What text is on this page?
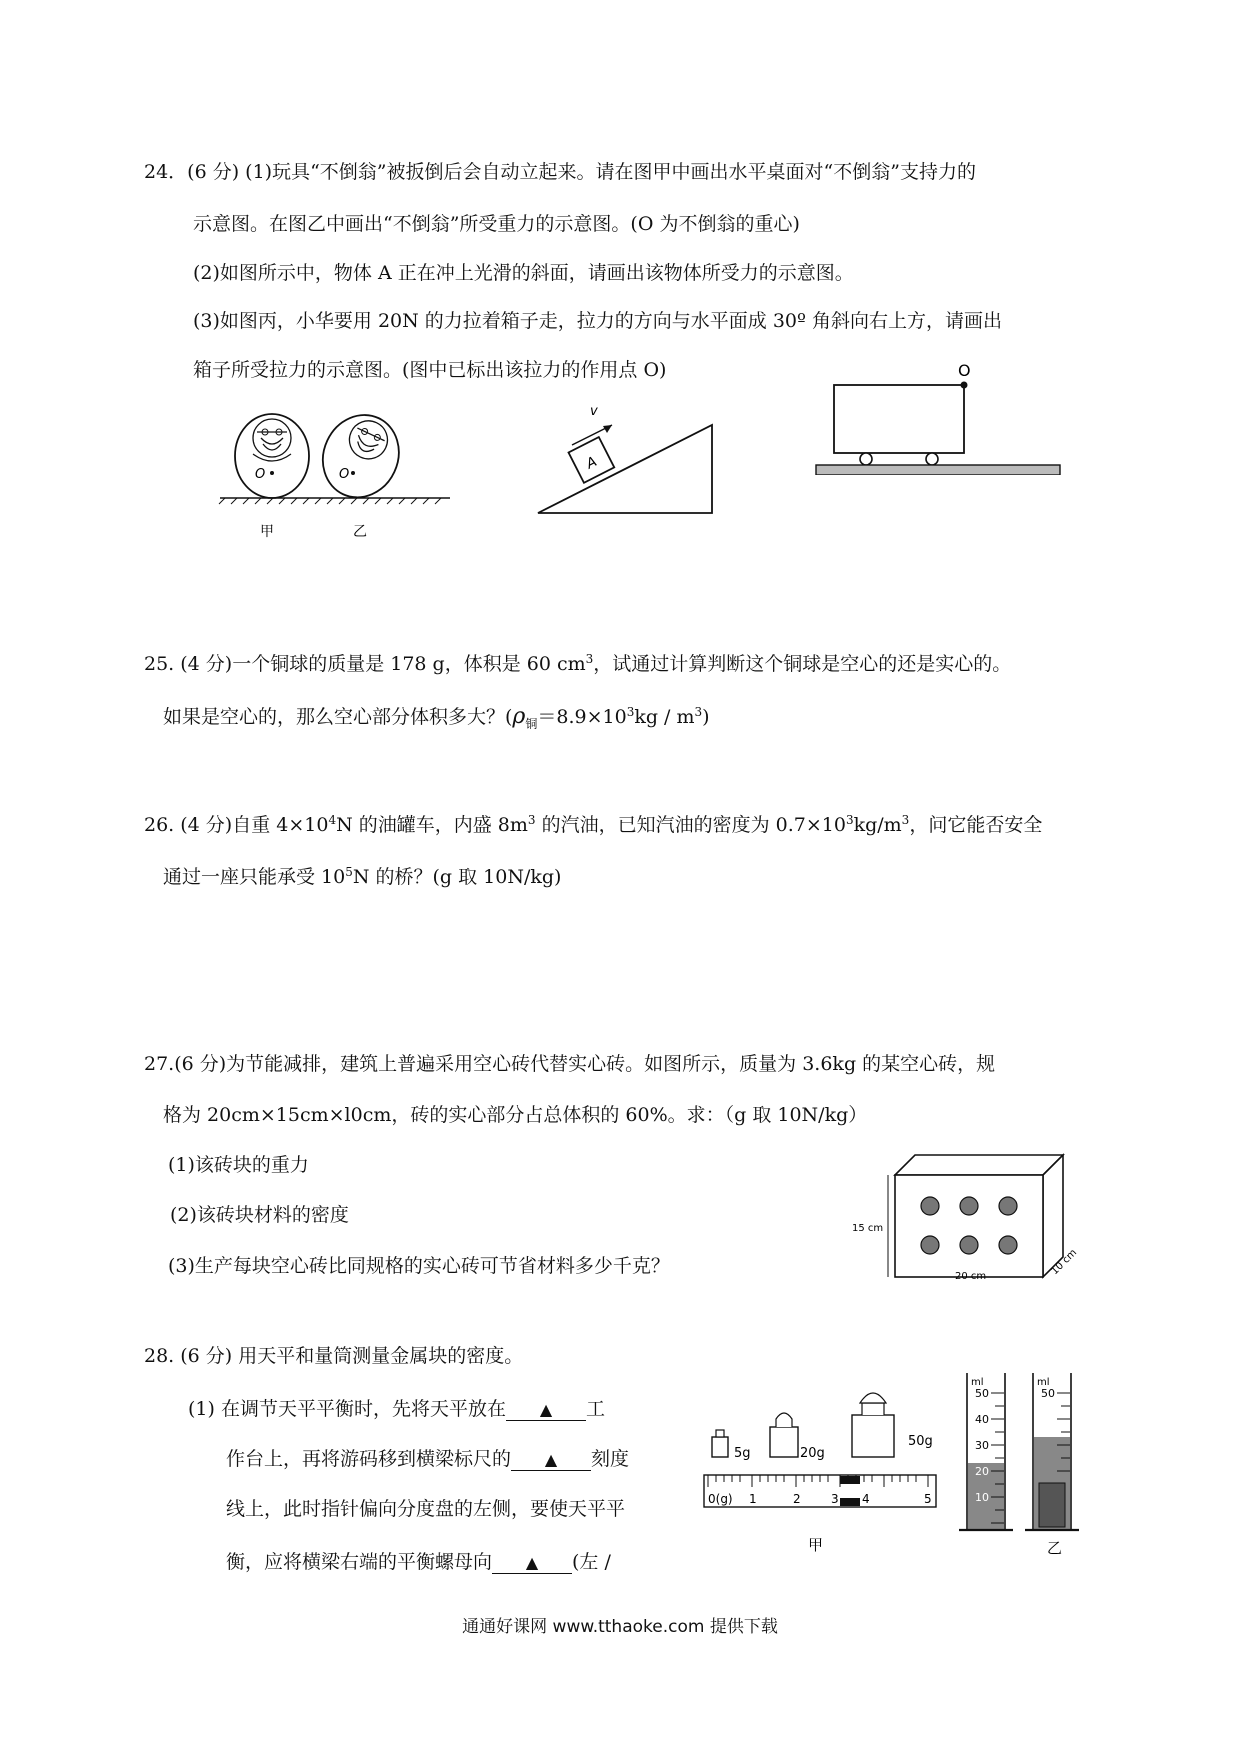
24．(6 分) (1)玩具“不倒翁”被扳倒后会自动立起来。请在图甲中画出水平桌面对“不倒翁”支持力的
示意图。在图乙中画出“不倒翁”所受重力的示意图。(O 为不倒翁的重心)
(2)如图所示中，物体 A 正在冲上光滑的斜面，请画出该物体所受力的示意图。
(3)如图丙，小华要用 20N 的力拉着箱子走，拉力的方向与水平面成 30º 角斜向右上方，请画出
箱子所受拉力的示意图。(图中已标出该拉力的作用点 O)
O	O
甲	乙
A
v
O
25. (4 分)一个铜球的质量是 178 g，体积是 60 $cm^3$，试通过计算判断这个铜球是空心的还是实心的。
如果是空心的，那么空心部分体积多大？$(\rho_铜=8.9\times 10^3kg / m^3)$
26. (4 分)自重 $4\times 10^4N$ 的油罐车，内盛 $8m^3$ 的汽油，已知汽油的密度为 $0.7\times 10^3kg/m^3$，问它能否安全
通过一座只能承受 $10^5N$ 的桥？(g 取 10N/kg)
27.(6 分)为节能减排，建筑上普遍采用空心砖代替实心砖。如图所示，质量为 3.6kg 的某空心砖，规
格为 20cm×15cm×l0cm，砖的实心部分占总体积的 60%。求：（g 取 10N/kg）
(1)该砖块的重力
(2)该砖块材料的密度
(3)生产每块空心砖比同规格的实心砖可节省材料多少千克？
15 cm
20 cm	10 cm
28. (6 分) 用天平和量筒测量金属块的密度。
(1) 在调节天平平衡时，先将天平放在 ▲ 工
作台上，再将游码移到横梁标尺的 ▲ 刻度
线上，此时指针偏向分度盘的左侧，要使天平平
衡，应将横梁右端的平衡螺母向 ▲ (左 /
5g	20g
50g
0(g) 1	2	3 4	5
甲
ml
50
40
30
20
10
ml
50
乙
通通好课网 www.tthaoke.com 提供下载
